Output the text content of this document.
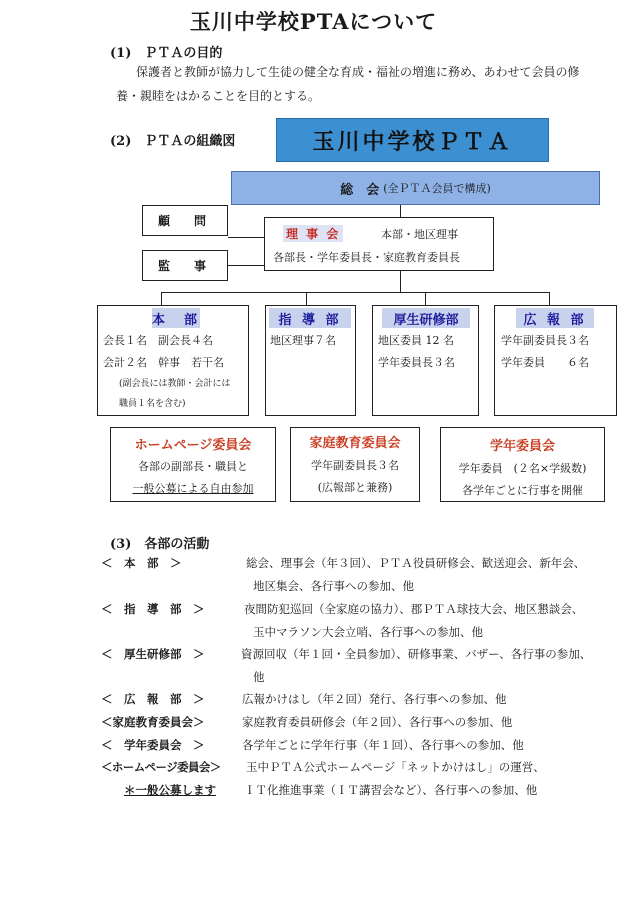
玉川中学校PTAについて
(1)　ＰＴＡの目的
保護者と教師が協力して生徒の健全な育成・福祉の増進に務め、あわせて会員の修
養・親睦をはかることを目的とする。
(2)　ＰＴＡの組織図	玉川中学校ＰＴＡ
総　会 (全ＰＴＡ会員で構成)
顧　問
監　事
理 事 会	本部・地区理事
各部長・学年委員長・家庭教育委員長
本　部
会長１名　副会長４名
会計２名　幹事　若干名
(副会長には教師・会計には
職員１名を含む)
指 導 部
地区理事７名
厚生研修部
地区委員 12 名
学年委員長３名
広 報 部
学年副委員長３名
学年委員　　６名
ホームページ委員会
各部の副部長・職員と
一般公募による自由参加
家庭教育委員会
学年副委員長３名
(広報部と兼務)
学年委員会
学年委員　(２名×学級数)
各学年ごとに行事を開催
(3)　各部の活動
＜　本　部　＞	総会、理事会（年３回）、ＰＴＡ役員研修会、歓送迎会、新年会、
地区集会、各行事への参加、他
＜　指　導　部　＞	夜間防犯巡回（全家庭の協力）、郡ＰＴＡ球技大会、地区懇談会、
玉中マラソン大会立哨、各行事への参加、他
＜　厚生研修部　＞	資源回収（年１回・全員参加）、研修事業、バザー、各行事の参加、
他
＜　広　報　部　＞	広報かけはし（年２回）発行、各行事への参加、他
＜家庭教育委員会＞	家庭教育委員研修会（年２回）、各行事への参加、他
＜　学年委員会　＞	各学年ごとに学年行事（年１回）、各行事への参加、他
＜ホームページ委員会＞ 玉中ＰＴＡ公式ホームページ「ネットかけはし」の運営、
＊一般公募します ＩＴ化推進事業（ＩＴ講習会など）、各行事への参加、他
